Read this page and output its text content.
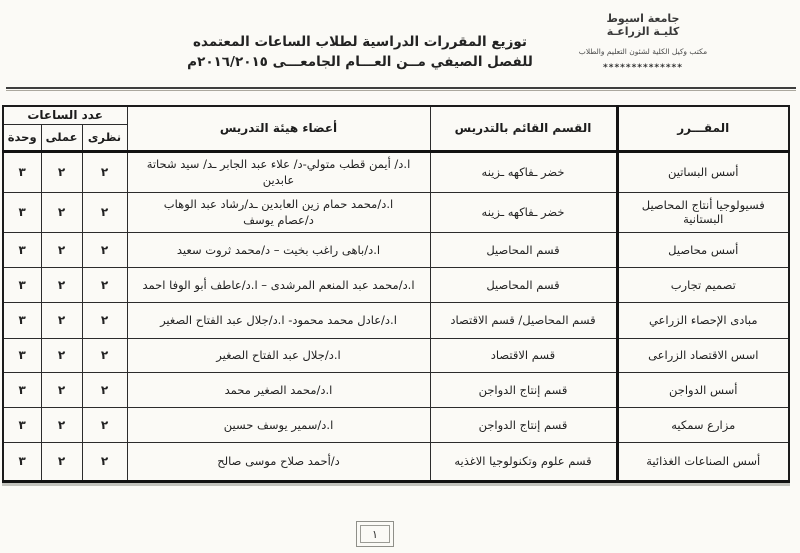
جامعة اسيوط
كليـة الزراعـة
مكتب وكيل الكلية لشئون التعليم والطلاب
**************
توزيع المقررات الدراسية لطلاب الساعات المعتمده
للفصل الصيفي مــن العـــام الجامعـــى ٢٠١٦/٢٠١٥م
المقـــرر	القسم القائم بالتدريس	أعضاء هيئة التدريس	عدد الساعات		
			نظرى	عملى	وحدة

أسس البساتين	خضر ـفاكهه ـزينه	ا.د/ أيمن قطب متولي-د/ علاء عبد الجابر ـد/ سيد شحاتة عابدين	٢	٢	٣

فسيولوجيا أنتاج المحاصيل البستانية	خضر ـفاكهه ـزينه	ا.د/محمد حمام زين العابدين ـد/رشاد عبد الوهاب
د/عصام يوسف	٢	٢	٣

أسس محاصيل	قسم المحاصيل	ا.د/باهى راغب بخيت – د/محمد ثروت سعيد	٢	٢	٣

تصميم تجارب	قسم المحاصيل	ا.د/محمد عبد المنعم المرشدى – ا.د/عاطف أبو الوفا احمد	٢	٢	٣

مبادى الإحصاء الزراعي	قسم المحاصيل/ قسم الاقتصاد	ا.د/عادل محمد محمود- ا.د/جلال عبد الفتاح الصغير	٢	٢	٣

اسس الاقتصاد الزراعى	قسم الاقتصاد	ا.د/جلال عبد الفتاح الصغير	٢	٢	٣

أسس الدواجن	قسم إنتاج الدواجن	ا.د/محمد الصغير محمد	٢	٢	٣

مزارع سمكيه	قسم إنتاج الدواجن	ا.د/سمير يوسف حسين	٢	٢	٣

أسس الصناعات الغذائية	قسم علوم وتكنولوجيا الاغذيه	د/أحمد صلاح موسى صالح	٢	٢	٣
١
